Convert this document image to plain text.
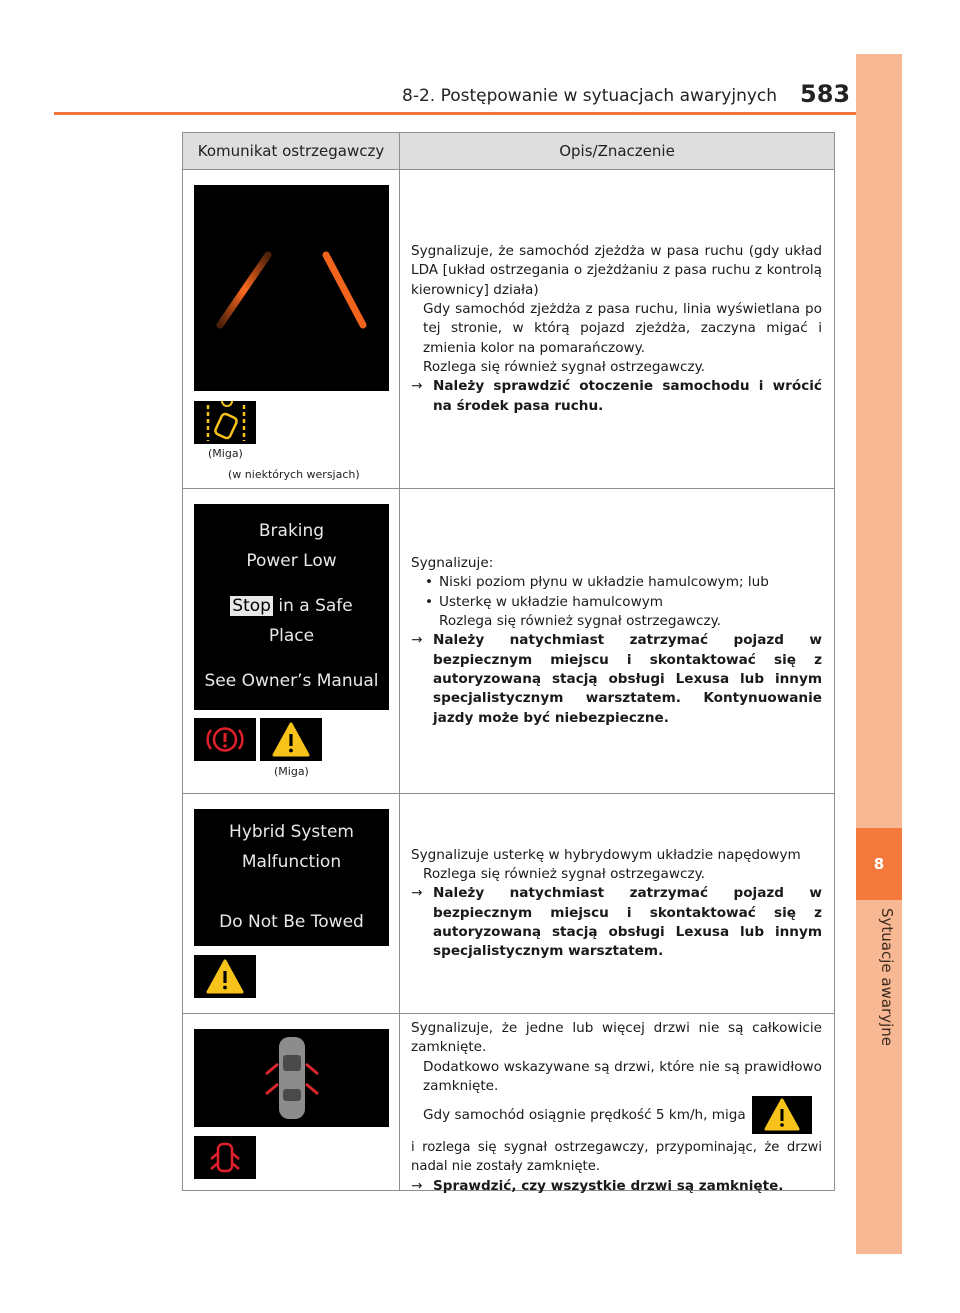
8-2. Postępowanie w sytuacjach awaryjnych 583
8
Sytuacje awaryjne
Komunikat ostrzegawczy	Opis/Znaczenie
(Miga)
(w niektórych wersjach)
Sygnalizuje, że samochód zjeżdża w pasa ruchu (gdy układ LDA [układ ostrzegania o zjeżdżaniu z pasa ruchu z kontrolą kierownicy] działa)
Gdy samochód zjeżdża z pasa ruchu, linia wyświetlana po tej stronie, w którą pojazd zjeżdża, zaczyna migać i zmienia kolor na pomarańczowy.
Rozlega się również sygnał ostrzegawczy.
→ Należy sprawdzić otoczenie samochodu i wrócić na środek pasa ruchu.
Braking
Power Low
Stop in a Safe
Place
See Owner’s Manual
(Miga)
Sygnalizuje:
• Niski poziom płynu w układzie hamulcowym; lub
• Usterkę w układzie hamulcowym
Rozlega się również sygnał ostrzegawczy.
→ Należy natychmiast zatrzymać pojazd w bezpiecznym miejscu i skontaktować się z autoryzowaną stacją obsługi Lexusa lub innym specjalistycznym warsztatem. Kontynuowanie jazdy może być niebezpieczne.
Hybrid System
Malfunction
Do Not Be Towed
Sygnalizuje usterkę w hybrydowym układzie napędowym
Rozlega się również sygnał ostrzegawczy.
→ Należy natychmiast zatrzymać pojazd w bezpiecznym miejscu i skontaktować się z autoryzowaną stacją obsługi Lexusa lub innym specjalistycznym warsztatem.
Sygnalizuje, że jedne lub więcej drzwi nie są całkowicie zamknięte.
Dodatkowo wskazywane są drzwi, które nie są prawidłowo zamknięte.
Gdy samochód osiągnie prędkość 5 km/h, miga
i rozlega się sygnał ostrzegawczy, przypominając, że drzwi nadal nie zostały zamknięte.
→ Sprawdzić, czy wszystkie drzwi są zamknięte.
